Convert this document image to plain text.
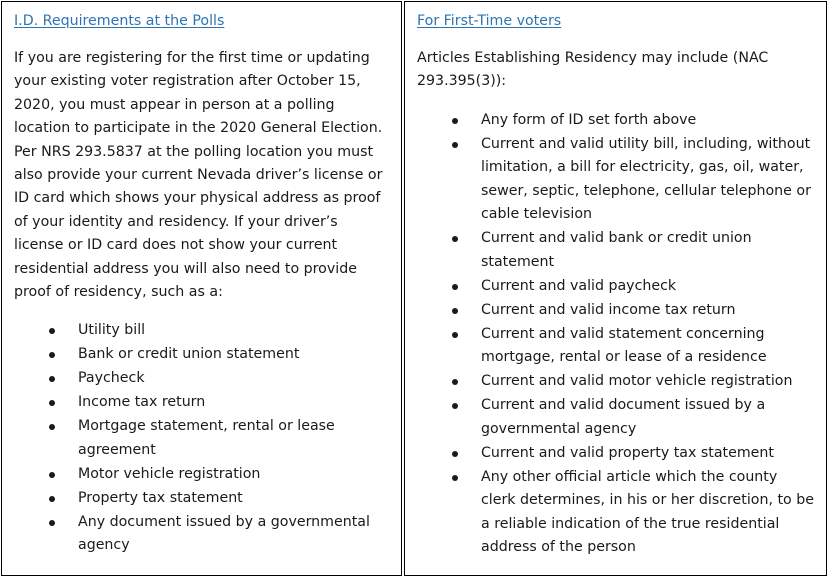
I.D. Requirements at the Polls
If you are registering for the first time or updating your existing voter registration after October 15, 2020, you must appear in person at a polling location to participate in the 2020 General Election. Per NRS 293.5837 at the polling location you must also provide your current Nevada driver’s license or ID card which shows your physical address as proof of your identity and residency. If your driver’s license or ID card does not show your current residential address you will also need to provide proof of residency, such as a:
Utility bill
Bank or credit union statement
Paycheck
Income tax return
Mortgage statement, rental or lease agreement
Motor vehicle registration
Property tax statement
Any document issued by a governmental agency
For First-Time voters
Articles Establishing Residency may include (NAC 293.395(3)):
Any form of ID set forth above
Current and valid utility bill, including, without limitation, a bill for electricity, gas, oil, water, sewer, septic, telephone, cellular telephone or cable television
Current and valid bank or credit union statement
Current and valid paycheck
Current and valid income tax return
Current and valid statement concerning mortgage, rental or lease of a residence
Current and valid motor vehicle registration
Current and valid document issued by a governmental agency
Current and valid property tax statement
Any other official article which the county clerk determines, in his or her discretion, to be a reliable indication of the true residential address of the person
